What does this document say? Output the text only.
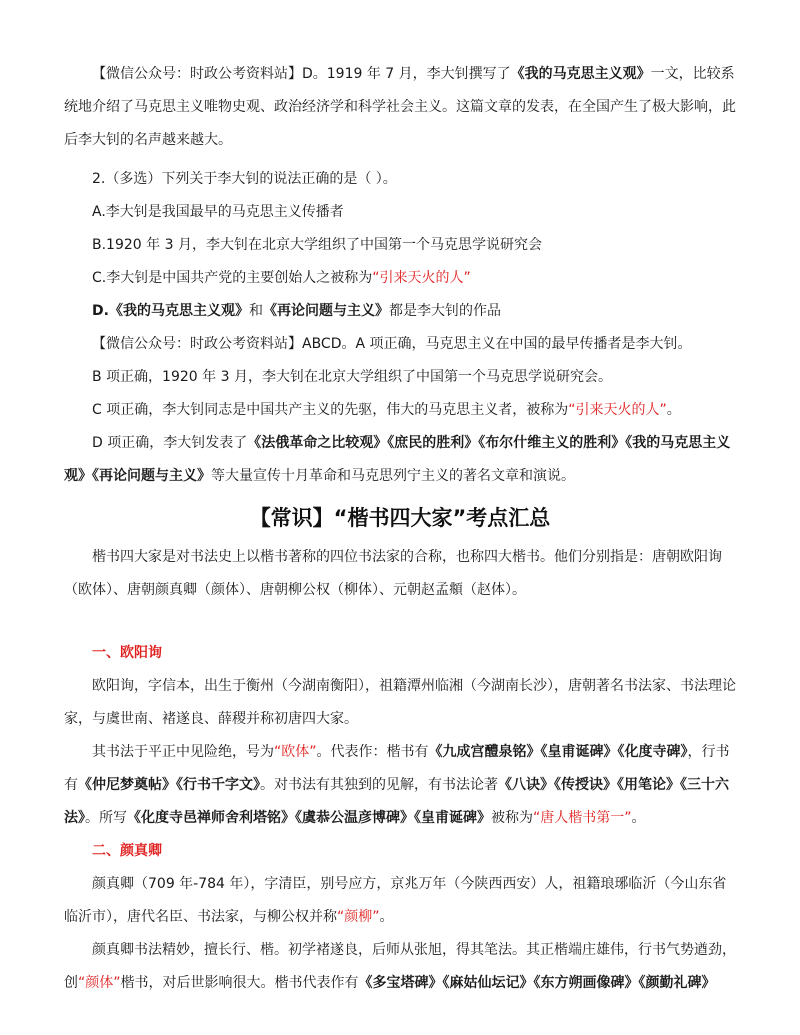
【微信公众号：时政公考资料站】D。1919 年 7 月，李大钊撰写了《我的马克思主义观》一文，比较系统地介绍了马克思主义唯物史观、政治经济学和科学社会主义。这篇文章的发表，在全国产生了极大影响，此后李大钊的名声越来越大。

2.（多选）下列关于李大钊的说法正确的是（ ）。

A.李大钊是我国最早的马克思主义传播者

B.1920 年 3 月，李大钊在北京大学组织了中国第一个马克思学说研究会

C.李大钊是中国共产党的主要创始人之被称为“引来天火的人”

D.《我的马克思主义观》和《再论问题与主义》都是李大钊的作品

【微信公众号：时政公考资料站】ABCD。A 项正确，马克思主义在中国的最早传播者是李大钊。

B 项正确，1920 年 3 月，李大钊在北京大学组织了中国第一个马克思学说研究会。

C 项正确，李大钊同志是中国共产主义的先驱，伟大的马克思主义者，被称为“引来天火的人”。

D 项正确，李大钊发表了《法俄革命之比较观》《庶民的胜利》《布尔什维主义的胜利》《我的马克思主义观》《再论问题与主义》等大量宣传十月革命和马克思列宁主义的著名文章和演说。

【常识】“楷书四大家”考点汇总

楷书四大家是对书法史上以楷书著称的四位书法家的合称，也称四大楷书。他们分别指是：唐朝欧阳询（欧体）、唐朝颜真卿（颜体）、唐朝柳公权（柳体）、元朝赵孟頫（赵体）。

一、欧阳询

欧阳询，字信本，出生于衡州（今湖南衡阳），祖籍潭州临湘（今湖南长沙），唐朝著名书法家、书法理论家，与虞世南、褚遂良、薛稷并称初唐四大家。

其书法于平正中见险绝，号为“欧体”。代表作：楷书有《九成宫醴泉铭》《皇甫诞碑》《化度寺碑》，行书有《仲尼梦奠帖》《行书千字文》。对书法有其独到的见解，有书法论著《八诀》《传授诀》《用笔论》《三十六法》。所写《化度寺邑禅师舍利塔铭》《虞恭公温彦博碑》《皇甫诞碑》被称为“唐人楷书第一”。

二、颜真卿

颜真卿（709 年-784 年），字清臣，别号应方，京兆万年（今陕西西安）人，祖籍琅琊临沂（今山东省临沂市），唐代名臣、书法家，与柳公权并称“颜柳”。

颜真卿书法精妙，擅长行、楷。初学褚遂良，后师从张旭，得其笔法。其正楷端庄雄伟，行书气势遒劲，创“颜体”楷书，对后世影响很大。楷书代表作有《多宝塔碑》《麻姑仙坛记》《东方朔画像碑》《颜勤礼碑》
